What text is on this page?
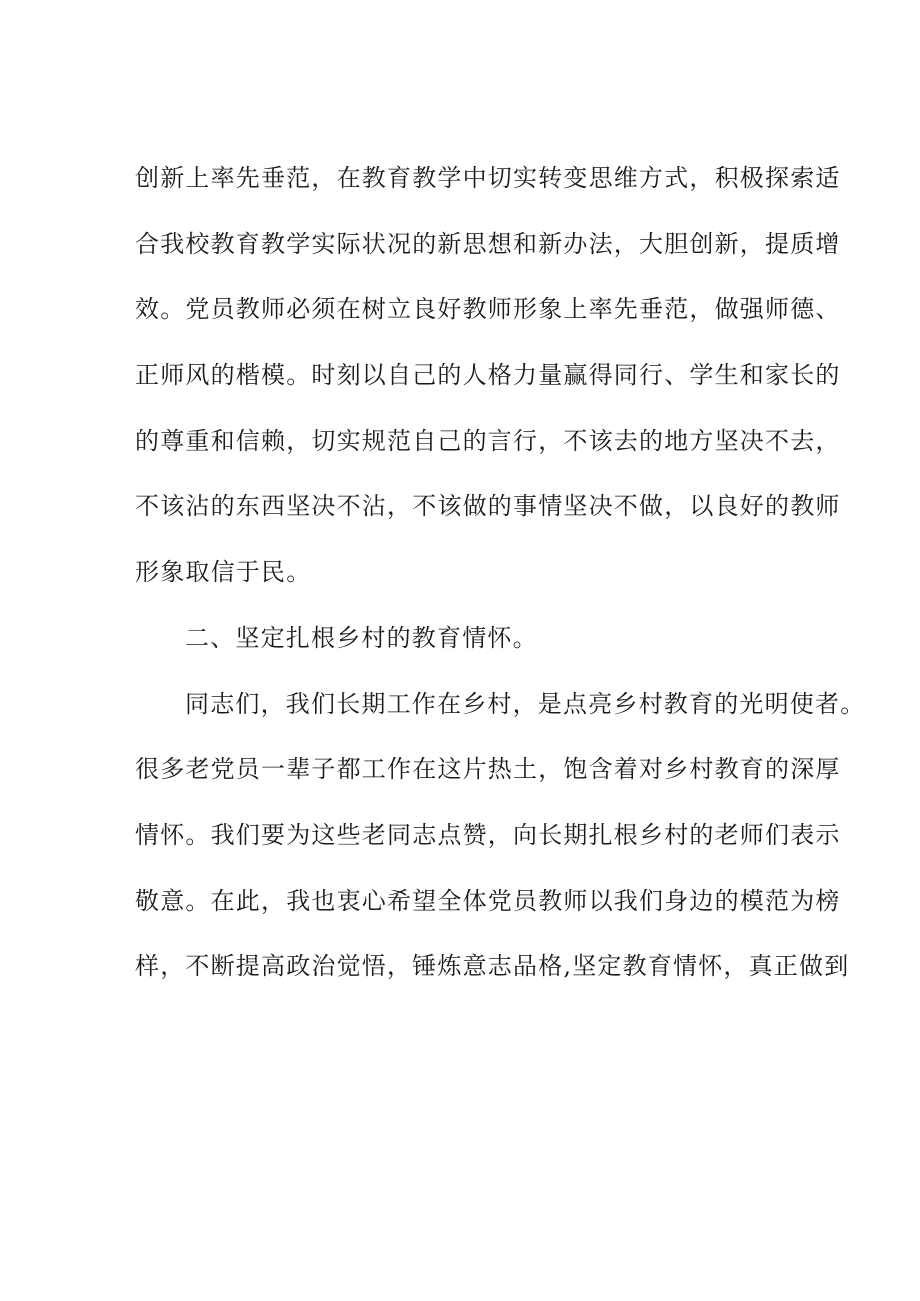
创新上率先垂范，在教育教学中切实转变思维方式，积极探索适
合我校教育教学实际状况的新思想和新办法，大胆创新，提质增
效。党员教师必须在树立良好教师形象上率先垂范，做强师德、
正师风的楷模。时刻以自己的人格力量赢得同行、学生和家长的
的尊重和信赖，切实规范自己的言行，不该去的地方坚决不去，
不该沾的东西坚决不沾，不该做的事情坚决不做，以良好的教师
形象取信于民。
二、坚定扎根乡村的教育情怀。
同志们，我们长期工作在乡村，是点亮乡村教育的光明使者。
很多老党员一辈子都工作在这片热土，饱含着对乡村教育的深厚
情怀。我们要为这些老同志点赞，向长期扎根乡村的老师们表示
敬意。在此，我也衷心希望全体党员教师以我们身边的模范为榜
样，不断提高政治觉悟，锤炼意志品格,坚定教育情怀，真正做到
